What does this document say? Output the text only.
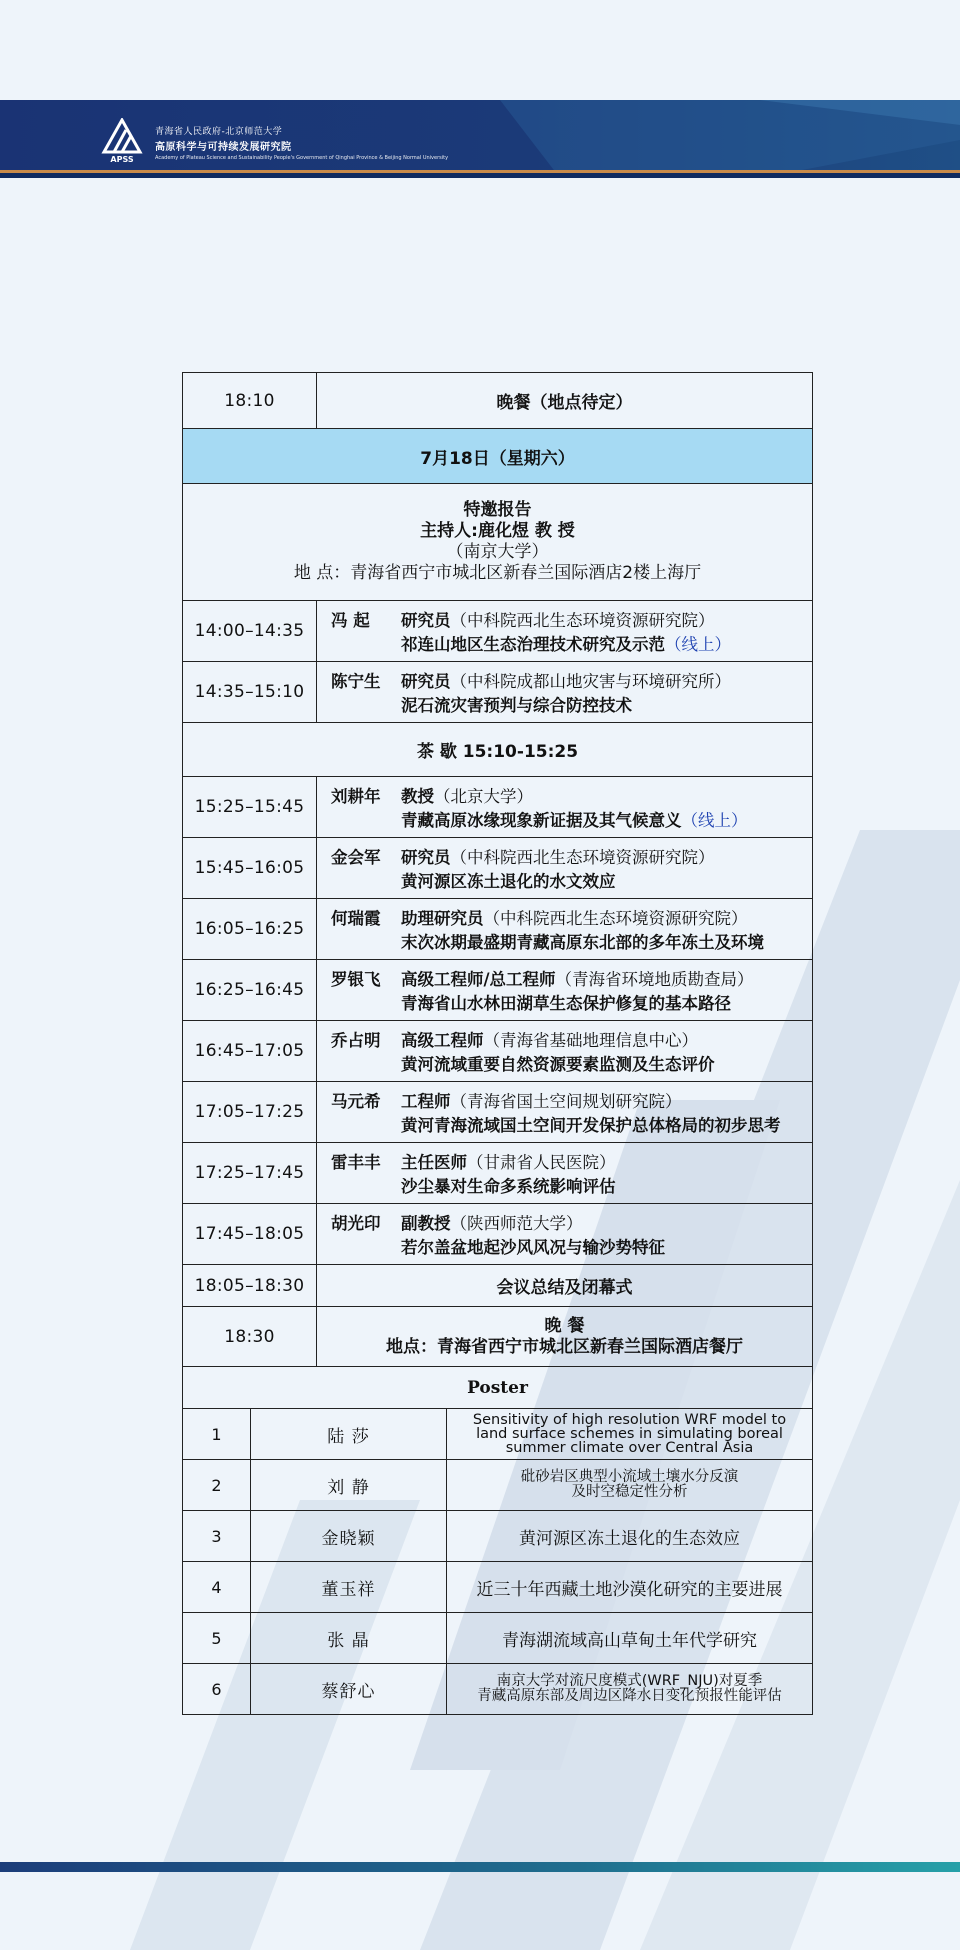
APSS
青海省人民政府-北京师范大学
高原科学与可持续发展研究院
Academy of Plateau Science and Sustainability People's Government of Qinghai Province & Beijing Normal University
18:10		晚餐（地点待定）	
7月18日（星期六）			

特邀报告
主持人:鹿化煜 教 授
（南京大学）
地 点：青海省西宁市城北区新春兰国际酒店2楼上海厅			

14:00–14:35		冯 起 研究员（中科院西北生态环境资源研究院）
祁连山地区生态治理技术研究及示范（线上）	

14:35–15:10		陈宁生 研究员（中科院成都山地灾害与环境研究所）
泥石流灾害预判与综合防控技术	

茶 歇 15:10-15:25			
15:25–15:45		刘耕年 教授（北京大学）
青藏高原冰缘现象新证据及其气候意义（线上）	

15:45–16:05		金会军 研究员（中科院西北生态环境资源研究院）
黄河源区冻土退化的水文效应	

16:05–16:25		何瑞霞 助理研究员（中科院西北生态环境资源研究院）
末次冰期最盛期青藏高原东北部的多年冻土及环境	

16:25–16:45		罗银飞 高级工程师/总工程师（青海省环境地质勘查局）
青海省山水林田湖草生态保护修复的基本路径	

16:45–17:05		乔占明 高级工程师（青海省基础地理信息中心）
黄河流域重要自然资源要素监测及生态评价	

17:05–17:25		马元希 工程师（青海省国土空间规划研究院）
黄河青海流域国土空间开发保护总体格局的初步思考	

17:25–17:45		雷丰丰 主任医师（甘肃省人民医院）
沙尘暴对生命多系统影响评估	

17:45–18:05		胡光印 副教授（陕西师范大学）
若尔盖盆地起沙风风况与输沙势特征	

18:05–18:30		会议总结及闭幕式	
18:30		晚 餐
地点：青海省西宁市城北区新春兰国际酒店餐厅	

Poster			
1	陆 莎		Sensitivity of high resolution WRF model to
land surface schemes in simulating boreal
summer climate over Central Asia

2	刘 静		砒砂岩区典型小流域土壤水分反演
及时空稳定性分析

3	金晓颖		黄河源区冻土退化的生态效应

4	董玉祥		近三十年西藏土地沙漠化研究的主要进展

5	张 晶		青海湖流域高山草甸土年代学研究

6	蔡舒心		南京大学对流尺度模式(WRF_NJU)对夏季
青藏高原东部及周边区降水日变化预报性能评估
